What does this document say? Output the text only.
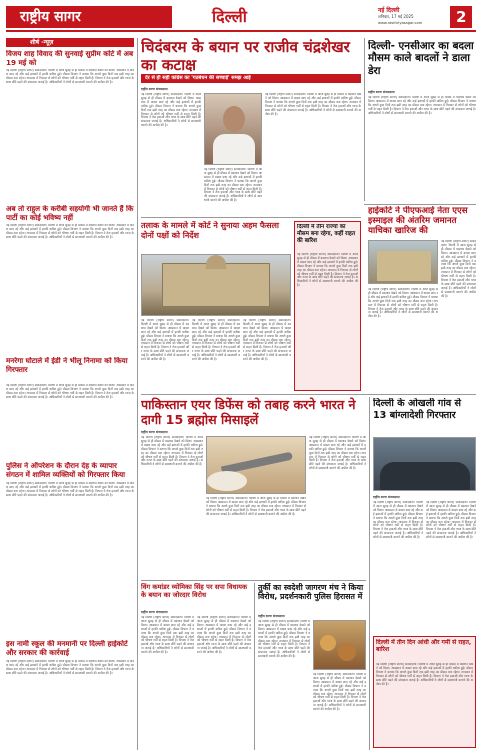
राष्ट्रीय सागर	दिल्ली	नई दिल्ली
शनिवार, 17 मई 2025
www.rashtriyasagar.com 2
शीर्ष -न्यूज़
विजय शाह विवाद की सुनवाई सुप्रीम कोर्ट में अब 19 मई को
नई दिल्ली (राष्ट्रीय सागर) संवाददाता। दिल्ली में आज सुबह से ही मौसम में बदलाव देखने को मिला। आसमान में बादल छाए रहे और कई इलाकों में हल्की बारिश हुई। मौसम विभाग ने बताया कि अगले कुछ दिनों तक इसी तरह का मौसम बना रहेगा। तापमान में गिरावट से लोगों को भीषण गर्मी से राहत मिली है। विभाग ने तेज हवाओं और गरज के साथ छींटे पड़ने की संभावना जताई है। अधिकारियों ने लोगों से सावधानी बरतने की अपील की है।
अब तो राहुल के करीबी सहयोगी भी जानते हैं कि पार्टी का कोई भविष्य नहीं
नई दिल्ली (राष्ट्रीय सागर) संवाददाता। दिल्ली में आज सुबह से ही मौसम में बदलाव देखने को मिला। आसमान में बादल छाए रहे और कई इलाकों में हल्की बारिश हुई। मौसम विभाग ने बताया कि अगले कुछ दिनों तक इसी तरह का मौसम बना रहेगा। तापमान में गिरावट से लोगों को भीषण गर्मी से राहत मिली है। विभाग ने तेज हवाओं और गरज के साथ छींटे पड़ने की संभावना जताई है। अधिकारियों ने लोगों से सावधानी बरतने की अपील की है।
मनरेगा घोटाले में ईडी ने भीलू निनामा को किया गिरफ्तार
नई दिल्ली (राष्ट्रीय सागर) संवाददाता। दिल्ली में आज सुबह से ही मौसम में बदलाव देखने को मिला। आसमान में बादल छाए रहे और कई इलाकों में हल्की बारिश हुई। मौसम विभाग ने बताया कि अगले कुछ दिनों तक इसी तरह का मौसम बना रहेगा। तापमान में गिरावट से लोगों को भीषण गर्मी से राहत मिली है। विभाग ने तेज हवाओं और गरज के साथ छींटे पड़ने की संभावना जताई है। अधिकारियों ने लोगों से सावधानी बरतने की अपील की है।
पुलिस ने ऑपरेशन के दौरान देह के व्यापार संगठन में शामिल व्यक्तियों को गिरफ्तार किया
नई दिल्ली (राष्ट्रीय सागर) संवाददाता। दिल्ली में आज सुबह से ही मौसम में बदलाव देखने को मिला। आसमान में बादल छाए रहे और कई इलाकों में हल्की बारिश हुई। मौसम विभाग ने बताया कि अगले कुछ दिनों तक इसी तरह का मौसम बना रहेगा। तापमान में गिरावट से लोगों को भीषण गर्मी से राहत मिली है। विभाग ने तेज हवाओं और गरज के साथ छींटे पड़ने की संभावना जताई है। अधिकारियों ने लोगों से सावधानी बरतने की अपील की है।
इस नामी स्कूल की मनमानी पर दिल्ली हाईकोर्ट और सरकार की कार्रवाई
नई दिल्ली (राष्ट्रीय सागर) संवाददाता। दिल्ली में आज सुबह से ही मौसम में बदलाव देखने को मिला। आसमान में बादल छाए रहे और कई इलाकों में हल्की बारिश हुई। मौसम विभाग ने बताया कि अगले कुछ दिनों तक इसी तरह का मौसम बना रहेगा। तापमान में गिरावट से लोगों को भीषण गर्मी से राहत मिली है। विभाग ने तेज हवाओं और गरज के साथ छींटे पड़ने की संभावना जताई है। अधिकारियों ने लोगों से सावधानी बरतने की अपील की है।
चिदंबरम के बयान पर राजीव चंद्रशेखर का कटाक्ष
देर से ही सही कांग्रेस का 'गठबंधन की सच्चाई' समझ आई
राष्ट्रीय सागर संवाददाता
नई दिल्ली (राष्ट्रीय सागर) संवाददाता। दिल्ली में आज सुबह से ही मौसम में बदलाव देखने को मिला। आसमान में बादल छाए रहे और कई इलाकों में हल्की बारिश हुई। मौसम विभाग ने बताया कि अगले कुछ दिनों तक इसी तरह का मौसम बना रहेगा। तापमान में गिरावट से लोगों को भीषण गर्मी से राहत मिली है। विभाग ने तेज हवाओं और गरज के साथ छींटे पड़ने की संभावना जताई है। अधिकारियों ने लोगों से सावधानी बरतने की अपील की है।
नई दिल्ली (राष्ट्रीय सागर) संवाददाता। दिल्ली में आज सुबह से ही मौसम में बदलाव देखने को मिला। आसमान में बादल छाए रहे और कई इलाकों में हल्की बारिश हुई। मौसम विभाग ने बताया कि अगले कुछ दिनों तक इसी तरह का मौसम बना रहेगा। तापमान में गिरावट से लोगों को भीषण गर्मी से राहत मिली है। विभाग ने तेज हवाओं और गरज के साथ छींटे पड़ने की संभावना जताई है। अधिकारियों ने लोगों से सावधानी बरतने की अपील की है।
नई दिल्ली (राष्ट्रीय सागर) संवाददाता। दिल्ली में आज सुबह से ही मौसम में बदलाव देखने को मिला। आसमान में बादल छाए रहे और कई इलाकों में हल्की बारिश हुई। मौसम विभाग ने बताया कि अगले कुछ दिनों तक इसी तरह का मौसम बना रहेगा। तापमान में गिरावट से लोगों को भीषण गर्मी से राहत मिली है। विभाग ने तेज हवाओं और गरज के साथ छींटे पड़ने की संभावना जताई है। अधिकारियों ने लोगों से सावधानी बरतने की अपील की है।
दिल्ली- एनसीआर का बदला मौसम काले बादलों ने डाला डेरा
राष्ट्रीय सागर संवाददाता
नई दिल्ली (राष्ट्रीय सागर) संवाददाता। दिल्ली में आज सुबह से ही मौसम में बदलाव देखने को मिला। आसमान में बादल छाए रहे और कई इलाकों में हल्की बारिश हुई। मौसम विभाग ने बताया कि अगले कुछ दिनों तक इसी तरह का मौसम बना रहेगा। तापमान में गिरावट से लोगों को भीषण गर्मी से राहत मिली है। विभाग ने तेज हवाओं और गरज के साथ छींटे पड़ने की संभावना जताई है। अधिकारियों ने लोगों से सावधानी बरतने की अपील की है।
तलाक के मामले में कोर्ट ने सुनाया अहम फैसला दोनों पक्षों को निर्देश
नई दिल्ली (राष्ट्रीय सागर) संवाददाता। दिल्ली में आज सुबह से ही मौसम में बदलाव देखने को मिला। आसमान में बादल छाए रहे और कई इलाकों में हल्की बारिश हुई। मौसम विभाग ने बताया कि अगले कुछ दिनों तक इसी तरह का मौसम बना रहेगा। तापमान में गिरावट से लोगों को भीषण गर्मी से राहत मिली है। विभाग ने तेज हवाओं और गरज के साथ छींटे पड़ने की संभावना जताई है। अधिकारियों ने लोगों से सावधानी बरतने की अपील की है।
नई दिल्ली (राष्ट्रीय सागर) संवाददाता। दिल्ली में आज सुबह से ही मौसम में बदलाव देखने को मिला। आसमान में बादल छाए रहे और कई इलाकों में हल्की बारिश हुई। मौसम विभाग ने बताया कि अगले कुछ दिनों तक इसी तरह का मौसम बना रहेगा। तापमान में गिरावट से लोगों को भीषण गर्मी से राहत मिली है। विभाग ने तेज हवाओं और गरज के साथ छींटे पड़ने की संभावना जताई है। अधिकारियों ने लोगों से सावधानी बरतने की अपील की है।
नई दिल्ली (राष्ट्रीय सागर) संवाददाता। दिल्ली में आज सुबह से ही मौसम में बदलाव देखने को मिला। आसमान में बादल छाए रहे और कई इलाकों में हल्की बारिश हुई। मौसम विभाग ने बताया कि अगले कुछ दिनों तक इसी तरह का मौसम बना रहेगा। तापमान में गिरावट से लोगों को भीषण गर्मी से राहत मिली है। विभाग ने तेज हवाओं और गरज के साथ छींटे पड़ने की संभावना जताई है। अधिकारियों ने लोगों से सावधानी बरतने की अपील की है।
दिल्ली में तीन राज्यों का मौसम बना रहेगा, कहीं राहत की बारिश
नई दिल्ली (राष्ट्रीय सागर) संवाददाता। दिल्ली में आज सुबह से ही मौसम में बदलाव देखने को मिला। आसमान में बादल छाए रहे और कई इलाकों में हल्की बारिश हुई। मौसम विभाग ने बताया कि अगले कुछ दिनों तक इसी तरह का मौसम बना रहेगा। तापमान में गिरावट से लोगों को भीषण गर्मी से राहत मिली है। विभाग ने तेज हवाओं और गरज के साथ छींटे पड़ने की संभावना जताई है। अधिकारियों ने लोगों से सावधानी बरतने की अपील की है।
हाईकोर्ट ने पीएफआई नेता एएस इस्माइल की अंतरिम जमानत याचिका खारिज की
नई दिल्ली (राष्ट्रीय सागर) संवाददाता। दिल्ली में आज सुबह से ही मौसम में बदलाव देखने को मिला। आसमान में बादल छाए रहे और कई इलाकों में हल्की बारिश हुई। मौसम विभाग ने बताया कि अगले कुछ दिनों तक इसी तरह का मौसम बना रहेगा। तापमान में गिरावट से लोगों को भीषण गर्मी से राहत मिली है। विभाग ने तेज हवाओं और गरज के साथ छींटे पड़ने की संभावना जताई है। अधिकारियों ने लोगों से सावधानी बरतने की अपील की है।
नई दिल्ली (राष्ट्रीय सागर) संवाददाता। दिल्ली में आज सुबह से ही मौसम में बदलाव देखने को मिला। आसमान में बादल छाए रहे और कई इलाकों में हल्की बारिश हुई। मौसम विभाग ने बताया कि अगले कुछ दिनों तक इसी तरह का मौसम बना रहेगा। तापमान में गिरावट से लोगों को भीषण गर्मी से राहत मिली है। विभाग ने तेज हवाओं और गरज के साथ छींटे पड़ने की संभावना जताई है। अधिकारियों ने लोगों से सावधानी बरतने की अपील की है।
पाकिस्तान एयर डिफेंस को तबाह करने भारत ने दागी 15 ब्रह्मोस मिसाइलें
राष्ट्रीय सागर संवाददाता
नई दिल्ली (राष्ट्रीय सागर) संवाददाता। दिल्ली में आज सुबह से ही मौसम में बदलाव देखने को मिला। आसमान में बादल छाए रहे और कई इलाकों में हल्की बारिश हुई। मौसम विभाग ने बताया कि अगले कुछ दिनों तक इसी तरह का मौसम बना रहेगा। तापमान में गिरावट से लोगों को भीषण गर्मी से राहत मिली है। विभाग ने तेज हवाओं और गरज के साथ छींटे पड़ने की संभावना जताई है। अधिकारियों ने लोगों से सावधानी बरतने की अपील की है।
नई दिल्ली (राष्ट्रीय सागर) संवाददाता। दिल्ली में आज सुबह से ही मौसम में बदलाव देखने को मिला। आसमान में बादल छाए रहे और कई इलाकों में हल्की बारिश हुई। मौसम विभाग ने बताया कि अगले कुछ दिनों तक इसी तरह का मौसम बना रहेगा। तापमान में गिरावट से लोगों को भीषण गर्मी से राहत मिली है। विभाग ने तेज हवाओं और गरज के साथ छींटे पड़ने की संभावना जताई है। अधिकारियों ने लोगों से सावधानी बरतने की अपील की है।
नई दिल्ली (राष्ट्रीय सागर) संवाददाता। दिल्ली में आज सुबह से ही मौसम में बदलाव देखने को मिला। आसमान में बादल छाए रहे और कई इलाकों में हल्की बारिश हुई। मौसम विभाग ने बताया कि अगले कुछ दिनों तक इसी तरह का मौसम बना रहेगा। तापमान में गिरावट से लोगों को भीषण गर्मी से राहत मिली है। विभाग ने तेज हवाओं और गरज के साथ छींटे पड़ने की संभावना जताई है। अधिकारियों ने लोगों से सावधानी बरतने की अपील की है।
दिल्ली के ओखली गांव से 13 बांग्लादेशी गिरफ्तार
राष्ट्रीय सागर संवाददाता
नई दिल्ली (राष्ट्रीय सागर) संवाददाता। दिल्ली में आज सुबह से ही मौसम में बदलाव देखने को मिला। आसमान में बादल छाए रहे और कई इलाकों में हल्की बारिश हुई। मौसम विभाग ने बताया कि अगले कुछ दिनों तक इसी तरह का मौसम बना रहेगा। तापमान में गिरावट से लोगों को भीषण गर्मी से राहत मिली है। विभाग ने तेज हवाओं और गरज के साथ छींटे पड़ने की संभावना जताई है। अधिकारियों ने लोगों से सावधानी बरतने की अपील की है।
नई दिल्ली (राष्ट्रीय सागर) संवाददाता। दिल्ली में आज सुबह से ही मौसम में बदलाव देखने को मिला। आसमान में बादल छाए रहे और कई इलाकों में हल्की बारिश हुई। मौसम विभाग ने बताया कि अगले कुछ दिनों तक इसी तरह का मौसम बना रहेगा। तापमान में गिरावट से लोगों को भीषण गर्मी से राहत मिली है। विभाग ने तेज हवाओं और गरज के साथ छींटे पड़ने की संभावना जताई है। अधिकारियों ने लोगों से सावधानी बरतने की अपील की है।
दिल्ली में तीन दिन आंधी और गर्मी से राहत, बारिश
नई दिल्ली (राष्ट्रीय सागर) संवाददाता। दिल्ली में आज सुबह से ही मौसम में बदलाव देखने को मिला। आसमान में बादल छाए रहे और कई इलाकों में हल्की बारिश हुई। मौसम विभाग ने बताया कि अगले कुछ दिनों तक इसी तरह का मौसम बना रहेगा। तापमान में गिरावट से लोगों को भीषण गर्मी से राहत मिली है। विभाग ने तेज हवाओं और गरज के साथ छींटे पड़ने की संभावना जताई है। अधिकारियों ने लोगों से सावधानी बरतने की अपील की है।
विंग कमांडर व्योमिका सिंह पर सपा विधायक के बयान का जोरदार विरोध
राष्ट्रीय सागर संवाददाता
नई दिल्ली (राष्ट्रीय सागर) संवाददाता। दिल्ली में आज सुबह से ही मौसम में बदलाव देखने को मिला। आसमान में बादल छाए रहे और कई इलाकों में हल्की बारिश हुई। मौसम विभाग ने बताया कि अगले कुछ दिनों तक इसी तरह का मौसम बना रहेगा। तापमान में गिरावट से लोगों को भीषण गर्मी से राहत मिली है। विभाग ने तेज हवाओं और गरज के साथ छींटे पड़ने की संभावना जताई है। अधिकारियों ने लोगों से सावधानी बरतने की अपील की है।
नई दिल्ली (राष्ट्रीय सागर) संवाददाता। दिल्ली में आज सुबह से ही मौसम में बदलाव देखने को मिला। आसमान में बादल छाए रहे और कई इलाकों में हल्की बारिश हुई। मौसम विभाग ने बताया कि अगले कुछ दिनों तक इसी तरह का मौसम बना रहेगा। तापमान में गिरावट से लोगों को भीषण गर्मी से राहत मिली है। विभाग ने तेज हवाओं और गरज के साथ छींटे पड़ने की संभावना जताई है। अधिकारियों ने लोगों से सावधानी बरतने की अपील की है।
तुर्की का स्वदेशी जागरण मंच ने किया विरोध, प्रदर्शनकारी पुलिस हिरासत में
राष्ट्रीय सागर संवाददाता
नई दिल्ली (राष्ट्रीय सागर) संवाददाता। दिल्ली में आज सुबह से ही मौसम में बदलाव देखने को मिला। आसमान में बादल छाए रहे और कई इलाकों में हल्की बारिश हुई। मौसम विभाग ने बताया कि अगले कुछ दिनों तक इसी तरह का मौसम बना रहेगा। तापमान में गिरावट से लोगों को भीषण गर्मी से राहत मिली है। विभाग ने तेज हवाओं और गरज के साथ छींटे पड़ने की संभावना जताई है। अधिकारियों ने लोगों से सावधानी बरतने की अपील की है।
नई दिल्ली (राष्ट्रीय सागर) संवाददाता। दिल्ली में आज सुबह से ही मौसम में बदलाव देखने को मिला। आसमान में बादल छाए रहे और कई इलाकों में हल्की बारिश हुई। मौसम विभाग ने बताया कि अगले कुछ दिनों तक इसी तरह का मौसम बना रहेगा। तापमान में गिरावट से लोगों को भीषण गर्मी से राहत मिली है। विभाग ने तेज हवाओं और गरज के साथ छींटे पड़ने की संभावना जताई है। अधिकारियों ने लोगों से सावधानी बरतने की अपील की है।
